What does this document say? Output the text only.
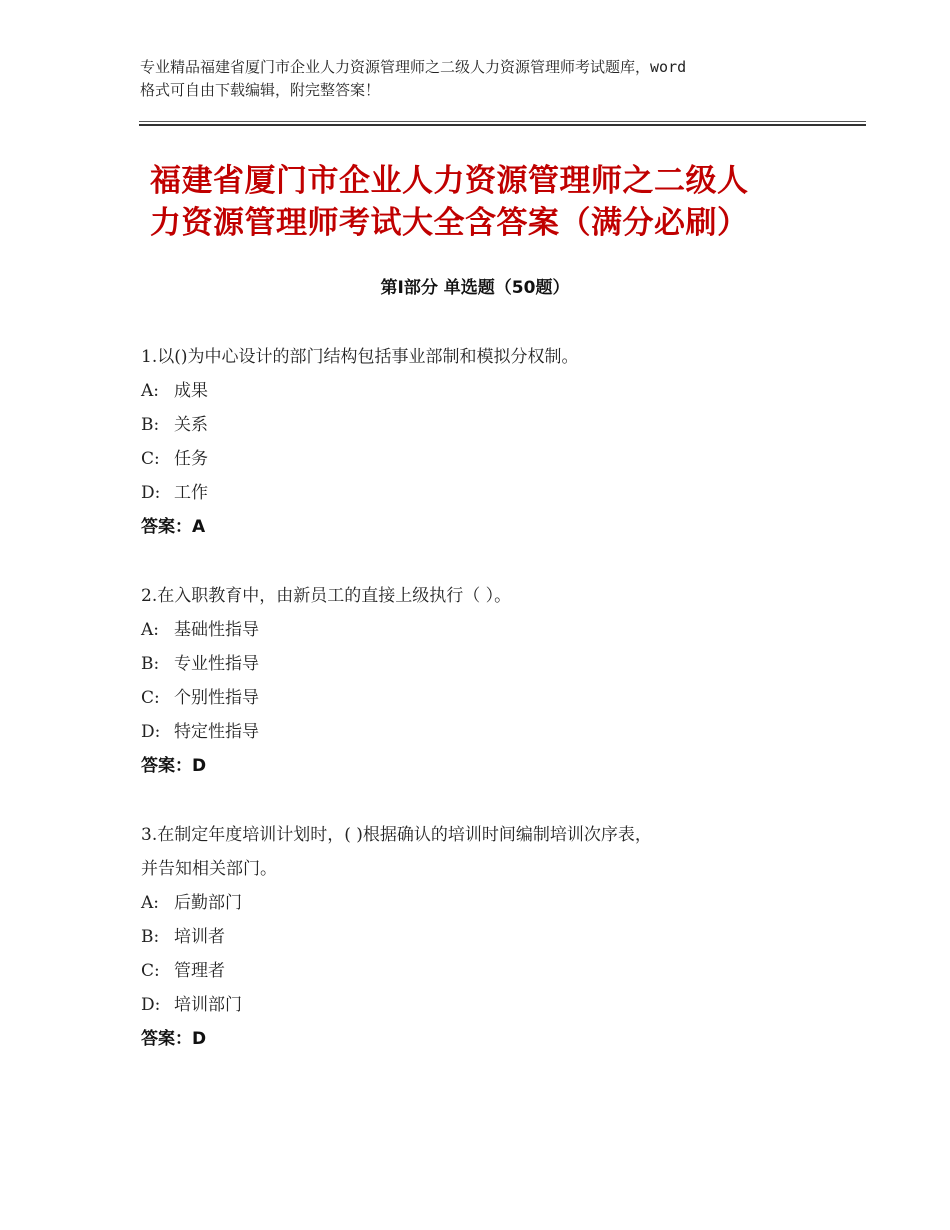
专业精品福建省厦门市企业人力资源管理师之二级人力资源管理师考试题库，word
格式可自由下载编辑，附完整答案！
福建省厦门市企业人力资源管理师之二级人
力资源管理师考试大全含答案（满分必刷）
第Ⅰ部分 单选题（50题）
1.以()为中心设计的部门结构包括事业部制和模拟分权制。
A: 成果
B: 关系
C: 任务
D: 工作
答案：A
2.在入职教育中，由新员工的直接上级执行（ ）。
A: 基础性指导
B: 专业性指导
C: 个别性指导
D: 特定性指导
答案：D
3.在制定年度培训计划时，( )根据确认的培训时间编制培训次序表，
并告知相关部门。
A: 后勤部门
B: 培训者
C: 管理者
D: 培训部门
答案：D
